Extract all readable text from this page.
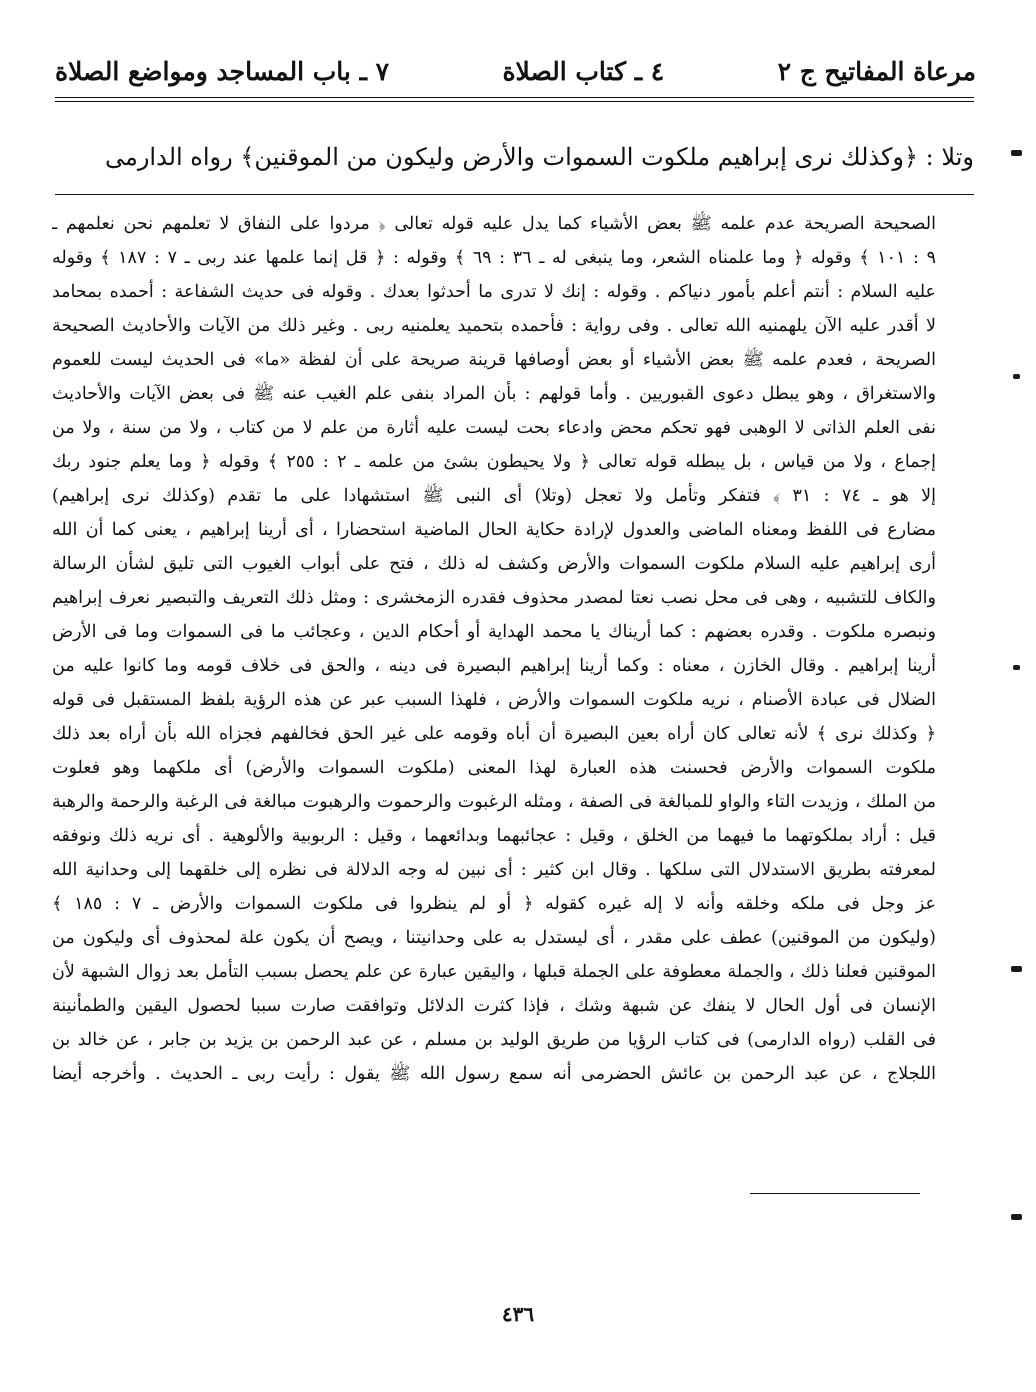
مرعاة المفاتيح ج ٢
٤ ـ كتاب الصلاة
٧ ـ باب المساجد ومواضع الصلاة
وتلا : ﴿وكذلك نرى إبراهيم ملكوت السموات والأرض وليكون من الموقنين﴾ رواه الدارمى
الصحيحة الصريحة عدم علمه ﷺ بعض الأشياء كما يدل عليه قوله تعالى ﴿ مردوا على النفاق لا تعلمهم نحن نعلمهم ـ
٩ : ١٠١ ﴾ وقوله ﴿ وما علمناه الشعر، وما ينبغى له ـ ٣٦ : ٦٩ ﴾ وقوله : ﴿ قل إنما علمها عند ربى ـ ٧ : ١٨٧ ﴾ وقوله
عليه السلام : أنتم أعلم بأمور دنياكم . وقوله : إنك لا تدرى ما أحدثوا بعدك . وقوله فى حديث الشفاعة : أحمده بمحامد
لا أقدر عليه الآن يلهمنيه الله تعالى . وفى رواية : فأحمده بتحميد يعلمنيه ربى . وغير ذلك من الآيات والأحاديث الصحيحة
الصريحة ، فعدم علمه ﷺ بعض الأشياء أو بعض أوصافها قرينة صريحة على أن لفظة «ما» فى الحديث ليست للعموم
والاستغراق ، وهو يبطل دعوى القبوريين . وأما قولهم : بأن المراد بنفى علم الغيب عنه ﷺ فى بعض الآيات والأحاديث
نفى العلم الذاتى لا الوهبى فهو تحكم محض وادعاء بحت ليست عليه أثارة من علم لا من كتاب ، ولا من سنة ، ولا من
إجماع ، ولا من قياس ، بل يبطله قوله تعالى ﴿ ولا يحيطون بشئ من علمه ـ ٢ : ٢٥٥ ﴾ وقوله ﴿ وما يعلم جنود ربك
إلا هو ـ ٧٤ : ٣١ ﴾ فتفكر وتأمل ولا تعجل (وتلا) أى النبى ﷺ استشهادا على ما تقدم (وكذلك نرى إبراهيم)
مضارع فى اللفظ ومعناه الماضى والعدول لإرادة حكاية الحال الماضية استحضارا ، أى أرينا إبراهيم ، يعنى كما أن الله
أرى إبراهيم عليه السلام ملكوت السموات والأرض وكشف له ذلك ، فتح على أبواب الغيوب التى تليق لشأن الرسالة
والكاف للتشبيه ، وهى فى محل نصب نعتا لمصدر محذوف فقدره الزمخشرى : ومثل ذلك التعريف والتبصير نعرف إبراهيم
ونبصره ملكوت . وقدره بعضهم : كما أريناك يا محمد الهداية أو أحكام الدين ، وعجائب ما فى السموات وما فى الأرض
أرينا إبراهيم . وقال الخازن ، معناه : وكما أرينا إبراهيم البصيرة فى دينه ، والحق فى خلاف قومه وما كانوا عليه من
الضلال فى عبادة الأصنام ، نريه ملكوت السموات والأرض ، فلهذا السبب عبر عن هذه الرؤية بلفظ المستقبل فى قوله
﴿ وكذلك نرى ﴾ لأنه تعالى كان أراه بعين البصيرة أن أباه وقومه على غير الحق فخالفهم فجزاه الله بأن أراه بعد ذلك
ملكوت السموات والأرض فحسنت هذه العبارة لهذا المعنى (ملكوت السموات والأرض) أى ملكهما وهو فعلوت
من الملك ، وزيدت التاء والواو للمبالغة فى الصفة ، ومثله الرغبوت والرحموت والرهبوت مبالغة فى الرغبة والرحمة والرهبة
قيل : أراد بملكوتهما ما فيهما من الخلق ، وقيل : عجائبهما وبدائعهما ، وقيل : الربوبية والألوهية . أى نريه ذلك ونوفقه
لمعرفته بطريق الاستدلال التى سلكها . وقال ابن كثير : أى نبين له وجه الدلالة فى نظره إلى خلقهما إلى وحدانية الله
عز وجل فى ملكه وخلقه وأنه لا إله غيره كقوله ﴿ أو لم ينظروا فى ملكوت السموات والأرض ـ ٧ : ١٨٥ ﴾
(وليكون من الموقنين) عطف على مقدر ، أى ليستدل به على وحدانيتنا ، ويصح أن يكون علة لمحذوف أى وليكون من
الموقنين فعلنا ذلك ، والجملة معطوفة على الجملة قبلها ، واليقين عبارة عن علم يحصل بسبب التأمل بعد زوال الشبهة لأن
الإنسان فى أول الحال لا ينفك عن شبهة وشك ، فإذا كثرت الدلائل وتوافقت صارت سببا لحصول اليقين والطمأنينة
فى القلب (رواه الدارمى) فى كتاب الرؤيا من طريق الوليد بن مسلم ، عن عبد الرحمن بن يزيد بن جابر ، عن خالد بن
اللجلاج ، عن عبد الرحمن بن عائش الحضرمى أنه سمع رسول الله ﷺ يقول : رأيت ربى ـ الحديث . وأخرجه أيضا
٤٣٦
